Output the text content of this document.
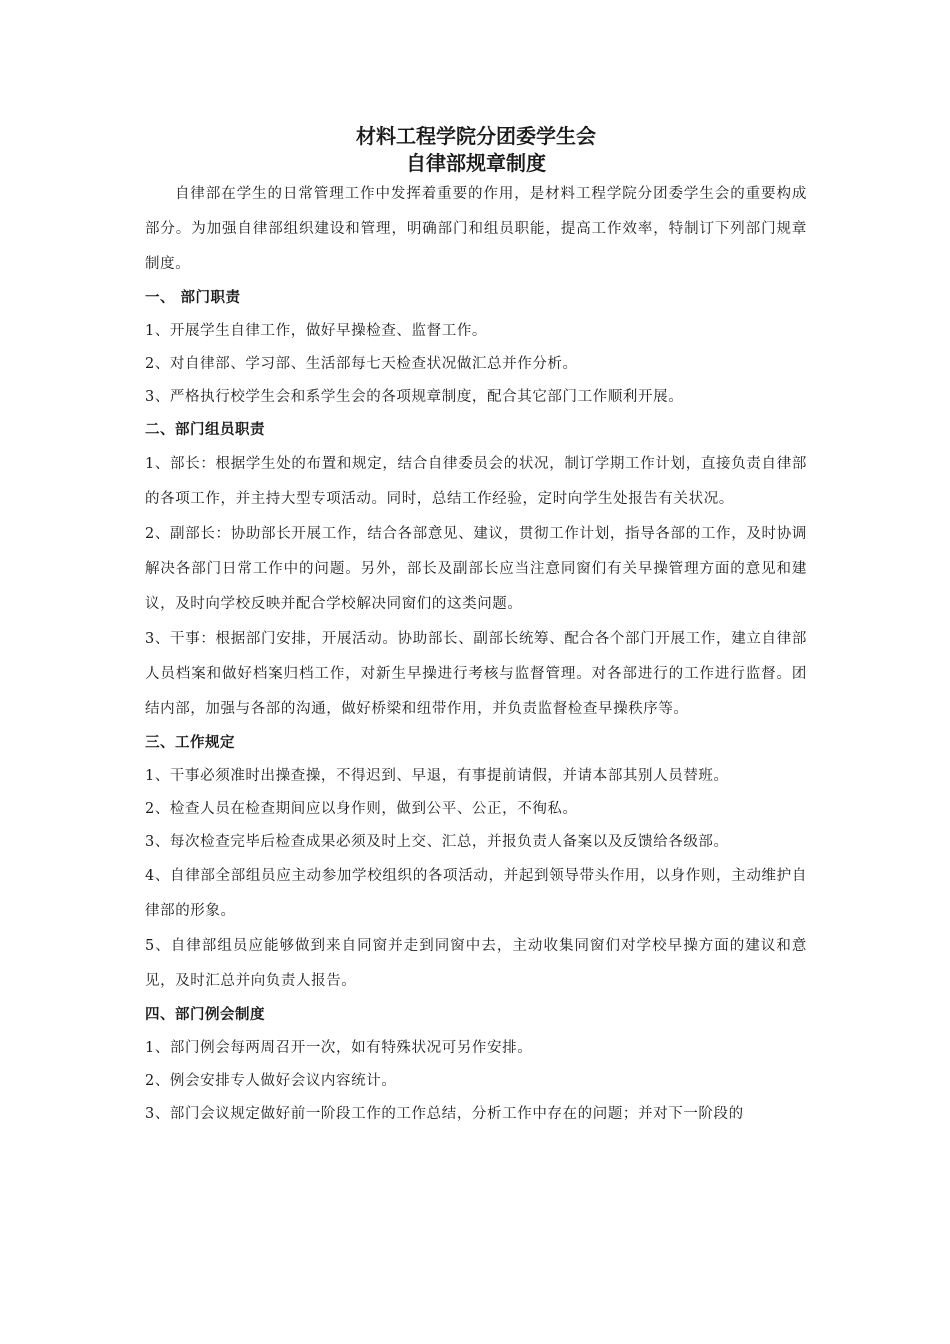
材料工程学院分团委学生会
自律部规章制度

自律部在学生的日常管理工作中发挥着重要的作用，是材料工程学院分团委学生会的重要构成部分。为加强自律部组织建设和管理，明确部门和组员职能，提高工作效率，特制订下列部门规章制度。

一、 部门职责

1、开展学生自律工作，做好早操检查、监督工作。

2、对自律部、学习部、生活部每七天检查状况做汇总并作分析。

3、严格执行校学生会和系学生会的各项规章制度，配合其它部门工作顺利开展。

二、部门组员职责

1、部长：根据学生处的布置和规定，结合自律委员会的状况，制订学期工作计划，直接负责自律部的各项工作，并主持大型专项活动。同时，总结工作经验，定时向学生处报告有关状况。

2、副部长：协助部长开展工作，结合各部意见、建议，贯彻工作计划，指导各部的工作，及时协调解决各部门日常工作中的问题。另外，部长及副部长应当注意同窗们有关早操管理方面的意见和建议，及时向学校反映并配合学校解决同窗们的这类问题。

3、干事：根据部门安排，开展活动。协助部长、副部长统筹、配合各个部门开展工作，建立自律部人员档案和做好档案归档工作，对新生早操进行考核与监督管理。对各部进行的工作进行监督。团结内部，加强与各部的沟通，做好桥梁和纽带作用，并负责监督检查早操秩序等。

三、工作规定

1、干事必须准时出操查操，不得迟到、早退，有事提前请假，并请本部其别人员替班。

2、检查人员在检查期间应以身作则，做到公平、公正，不徇私。

3、每次检查完毕后检查成果必须及时上交、汇总，并报负责人备案以及反馈给各级部。

4、自律部全部组员应主动参加学校组织的各项活动，并起到领导带头作用，以身作则，主动维护自律部的形象。

5、自律部组员应能够做到来自同窗并走到同窗中去，主动收集同窗们对学校早操方面的建议和意见，及时汇总并向负责人报告。

四、部门例会制度

1、部门例会每两周召开一次，如有特殊状况可另作安排。

2、例会安排专人做好会议内容统计。

3、部门会议规定做好前一阶段工作的工作总结，分析工作中存在的问题；并对下一阶段的
